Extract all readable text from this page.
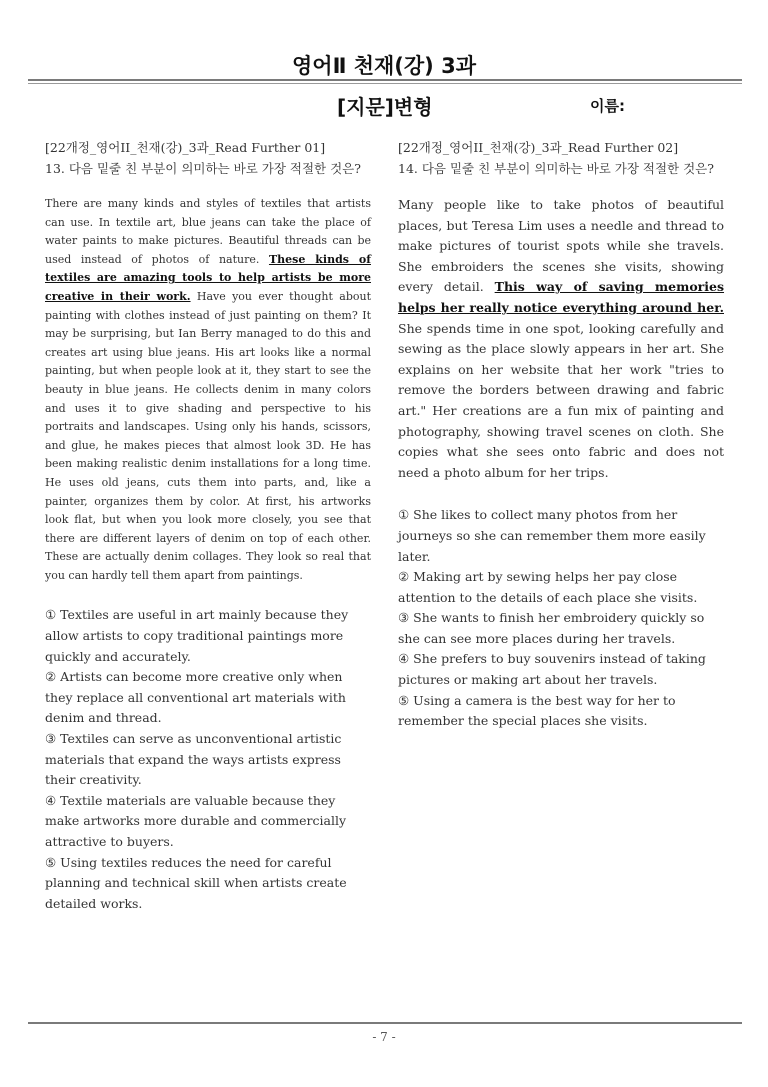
영어Ⅱ 천재(강) 3과
[지문]변형	이름:
[22개정_영어II_천재(강)_3과_Read Further 01]

13. 다음 밑줄 친 부분이 의미하는 바로 가장 적절한 것은?

There are many kinds and styles of textiles that artists can use. In textile art, blue jeans can take the place of water paints to make pictures. Beautiful threads can be used instead of photos of nature. These kinds of textiles are amazing tools to help artists be more creative in their work. Have you ever thought about painting with clothes instead of just painting on them? It may be surprising, but Ian Berry managed to do this and creates art using blue jeans. His art looks like a normal painting, but when people look at it, they start to see the beauty in blue jeans. He collects denim in many colors and uses it to give shading and perspective to his portraits and landscapes. Using only his hands, scissors, and glue, he makes pieces that almost look 3D. He has been making realistic denim installations for a long time. He uses old jeans, cuts them into parts, and, like a painter, organizes them by color. At first, his artworks look flat, but when you look more closely, you see that there are different layers of denim on top of each other. These are actually denim collages. They look so real that you can hardly tell them apart from paintings.

① Textiles are useful in art mainly because they allow artists to copy traditional paintings more quickly and accurately.
② Artists can become more creative only when they replace all conventional art materials with denim and thread.
③ Textiles can serve as unconventional artistic materials that expand the ways artists express their creativity.
④ Textile materials are valuable because they make artworks more durable and commercially attractive to buyers.
⑤ Using textiles reduces the need for careful planning and technical skill when artists create detailed works.
[22개정_영어II_천재(강)_3과_Read Further 02]

14. 다음 밑줄 친 부분이 의미하는 바로 가장 적절한 것은?

Many people like to take photos of beautiful places, but Teresa Lim uses a needle and thread to make pictures of tourist spots while she travels. She embroiders the scenes she visits, showing every detail. This way of saving memories helps her really notice everything around her. She spends time in one spot, looking carefully and sewing as the place slowly appears in her art. She explains on her website that her work "tries to remove the borders between drawing and fabric art." Her creations are a fun mix of painting and photography, showing travel scenes on cloth. She copies what she sees onto fabric and does not need a photo album for her trips.

① She likes to collect many photos from her journeys so she can remember them more easily later.
② Making art by sewing helps her pay close attention to the details of each place she visits.
③ She wants to finish her embroidery quickly so she can see more places during her travels.
④ She prefers to buy souvenirs instead of taking pictures or making art about her travels.
⑤ Using a camera is the best way for her to remember the special places she visits.
- 7 -
